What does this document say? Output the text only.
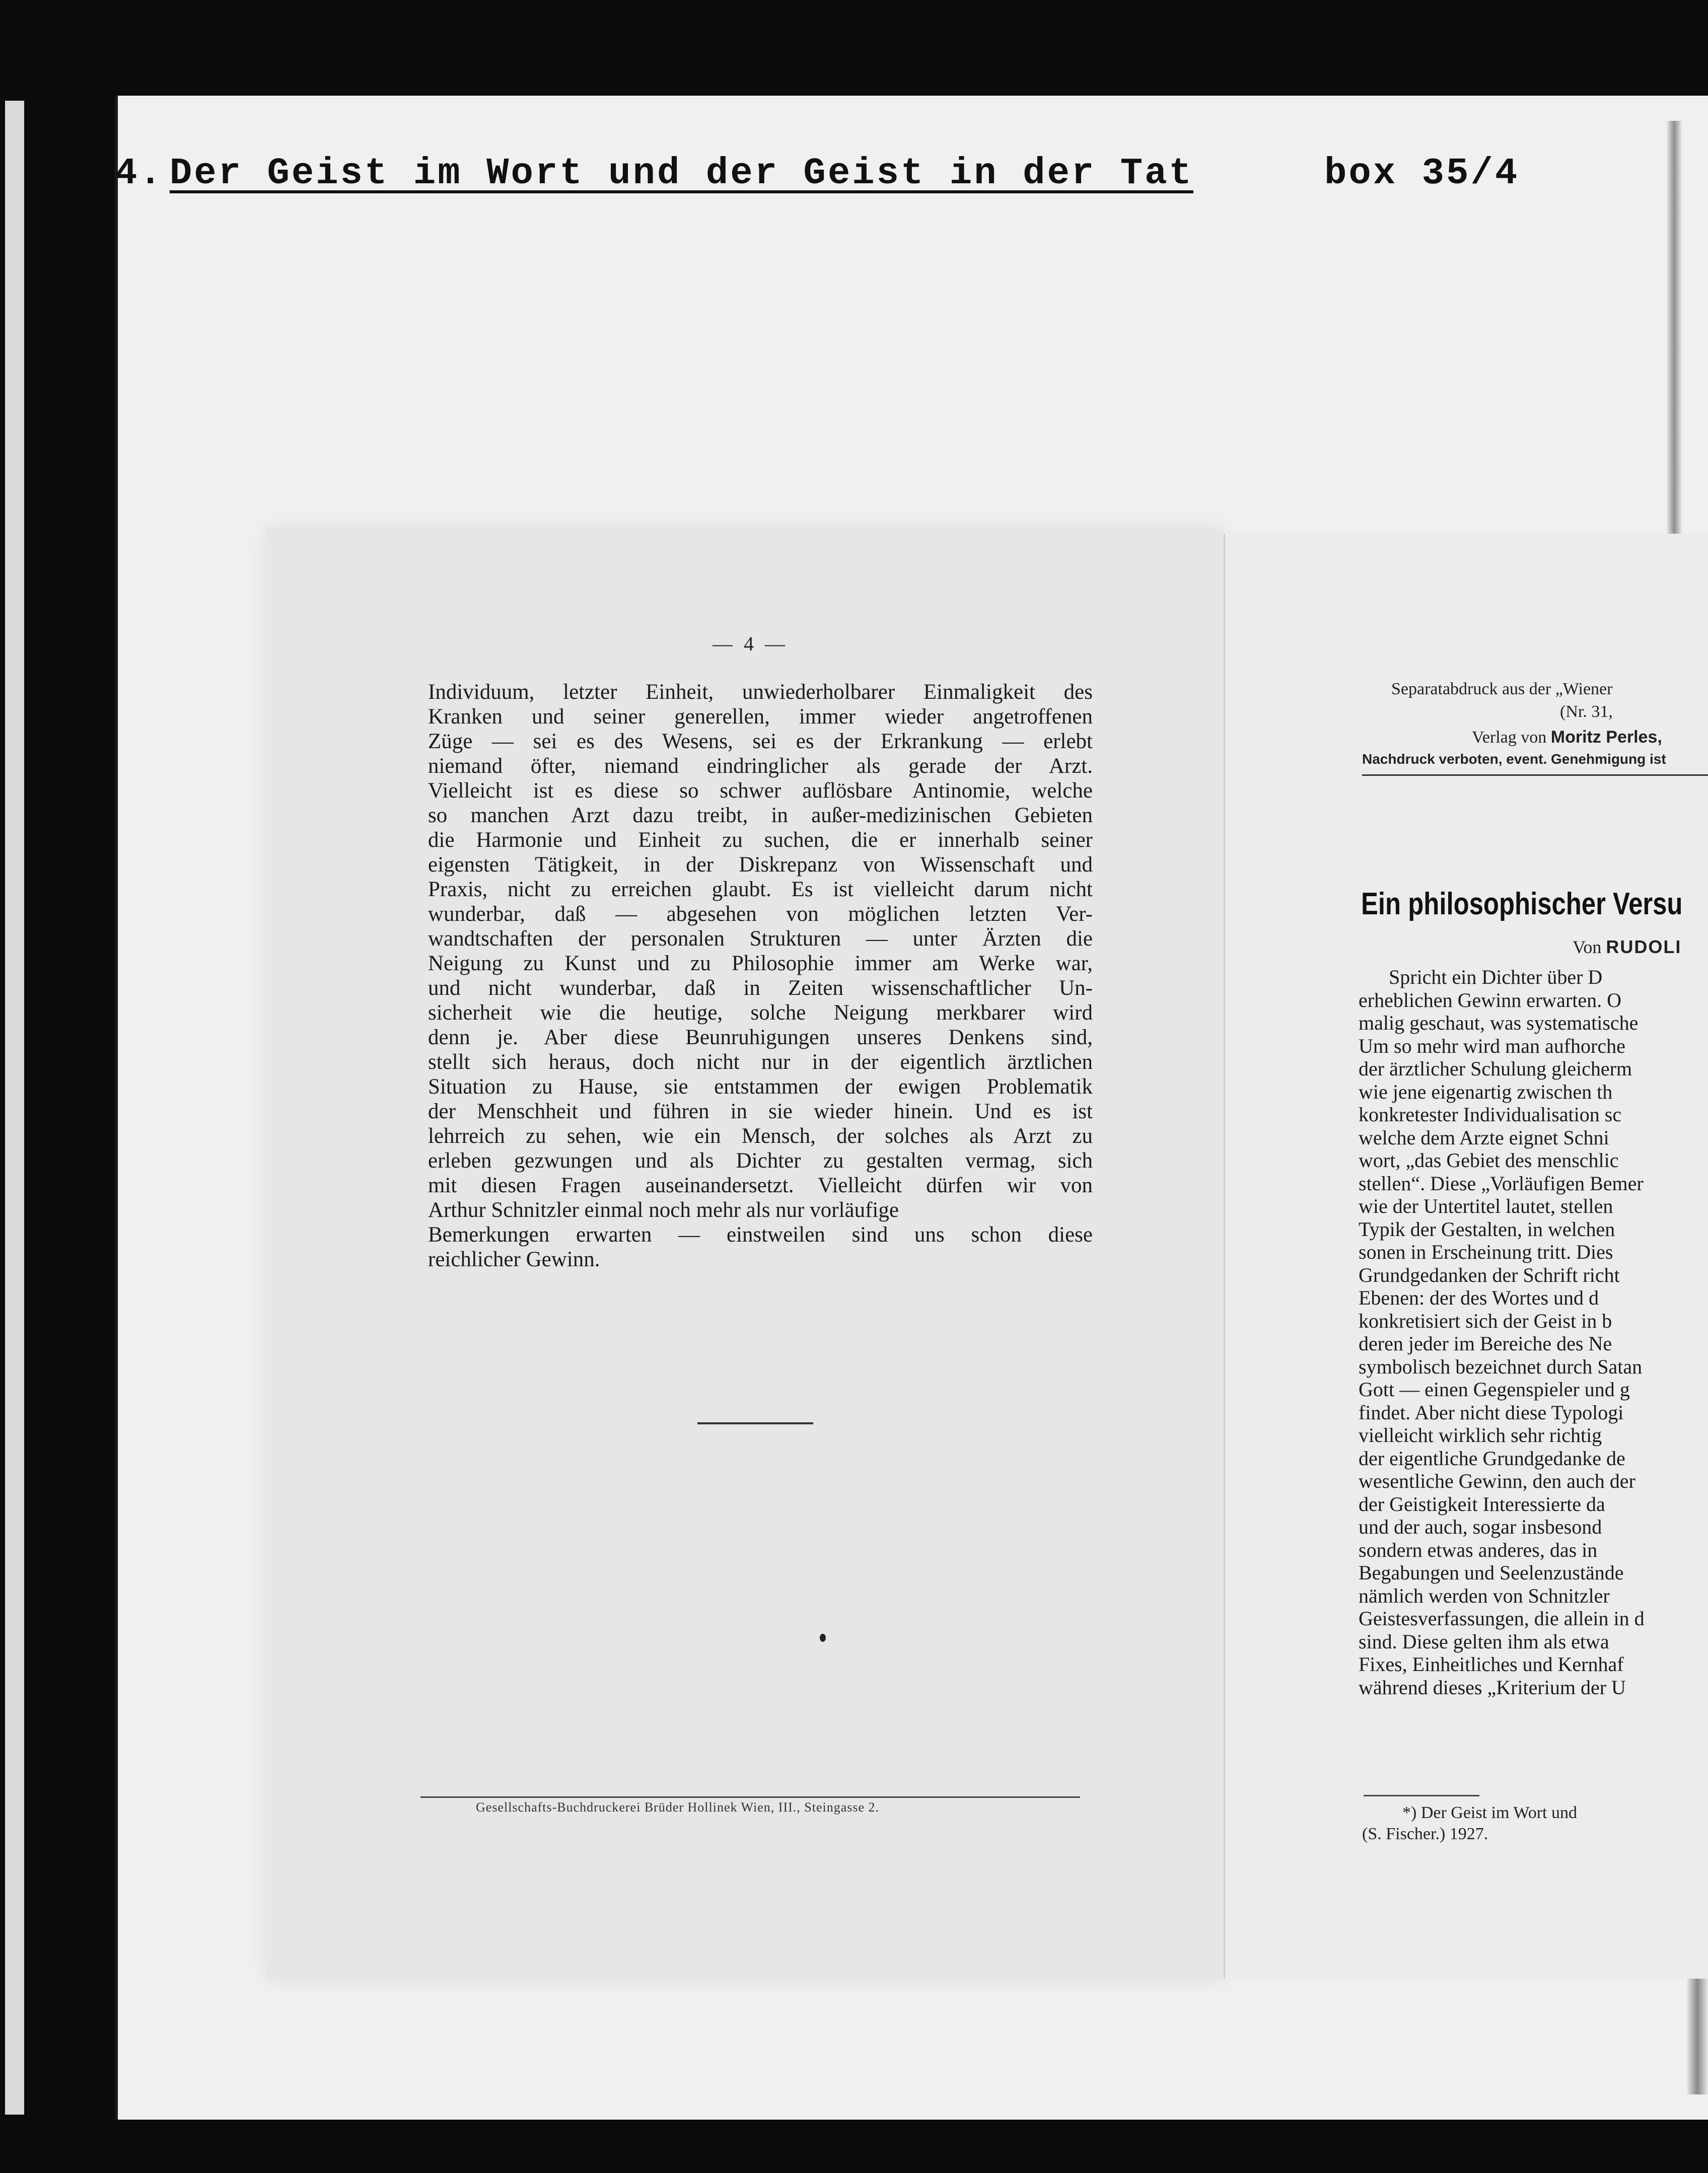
4. Der Geist im Wort und der Geist in der Tat	box 35/4
— 4 —
Individuum, letzter Einheit, unwiederholbarer Einmaligkeit des
Kranken und seiner generellen, immer wieder angetroffenen
Züge — sei es des Wesens, sei es der Erkrankung — erlebt
niemand öfter, niemand eindringlicher als gerade der Arzt.
Vielleicht ist es diese so schwer auflösbare Antinomie, welche
so manchen Arzt dazu treibt, in außer-medizinischen Gebieten
die Harmonie und Einheit zu suchen, die er innerhalb seiner
eigensten Tätigkeit, in der Diskrepanz von Wissenschaft und
Praxis, nicht zu erreichen glaubt. Es ist vielleicht darum nicht
wunderbar, daß — abgesehen von möglichen letzten Ver-
wandtschaften der personalen Strukturen — unter Ärzten die
Neigung zu Kunst und zu Philosophie immer am Werke war,
und nicht wunderbar, daß in Zeiten wissenschaftlicher Un-
sicherheit wie die heutige, solche Neigung merkbarer wird
denn je. Aber diese Beunruhigungen unseres Denkens sind,
stellt sich heraus, doch nicht nur in der eigentlich ärztlichen
Situation zu Hause, sie entstammen der ewigen Problematik
der Menschheit und führen in sie wieder hinein. Und es ist
lehrreich zu sehen, wie ein Mensch, der solches als Arzt zu
erleben gezwungen und als Dichter zu gestalten vermag, sich
mit diesen Fragen auseinandersetzt. Vielleicht dürfen wir von
Arthur Schnitzler einmal noch mehr als nur vorläufige
Bemerkungen erwarten — einstweilen sind uns schon diese
reichlicher Gewinn.
Gesellschafts-Buchdruckerei Brüder Hollinek Wien, III., Steingasse 2.
Separatabdruck aus der „Wiener
(Nr. 31,
Verlag von Moritz Perles,
Nachdruck verboten, event. Genehmigung ist
Ein philosophischer Versu
Von RUDOLI
Spricht ein Dichter über D
erheblichen Gewinn erwarten. O
malig geschaut, was systematische
Um so mehr wird man aufhorche
der ärztlicher Schulung gleicherm
wie jene eigenartig zwischen th
konkretester Individualisation sc
welche dem Arzte eignet Schni
wort, „das Gebiet des menschlic
stellen“. Diese „Vorläufigen Bemer
wie der Untertitel lautet, stellen
Typik der Gestalten, in welchen
sonen in Erscheinung tritt. Dies
Grundgedanken der Schrift richt
Ebenen: der des Wortes und d
konkretisiert sich der Geist in b
deren jeder im Bereiche des Ne
symbolisch bezeichnet durch Satan
Gott — einen Gegenspieler und g
findet. Aber nicht diese Typologi
vielleicht wirklich sehr richtig
der eigentliche Grundgedanke de
wesentliche Gewinn, den auch der
der Geistigkeit Interessierte da
und der auch, sogar insbesond
sondern etwas anderes, das in
Begabungen und Seelenzustände
nämlich werden von Schnitzler
Geistesverfassungen, die allein in d
sind. Diese gelten ihm als etwa
Fixes, Einheitliches und Kernhaf
während dieses „Kriterium der U
*) Der Geist im Wort und
(S. Fischer.) 1927.
